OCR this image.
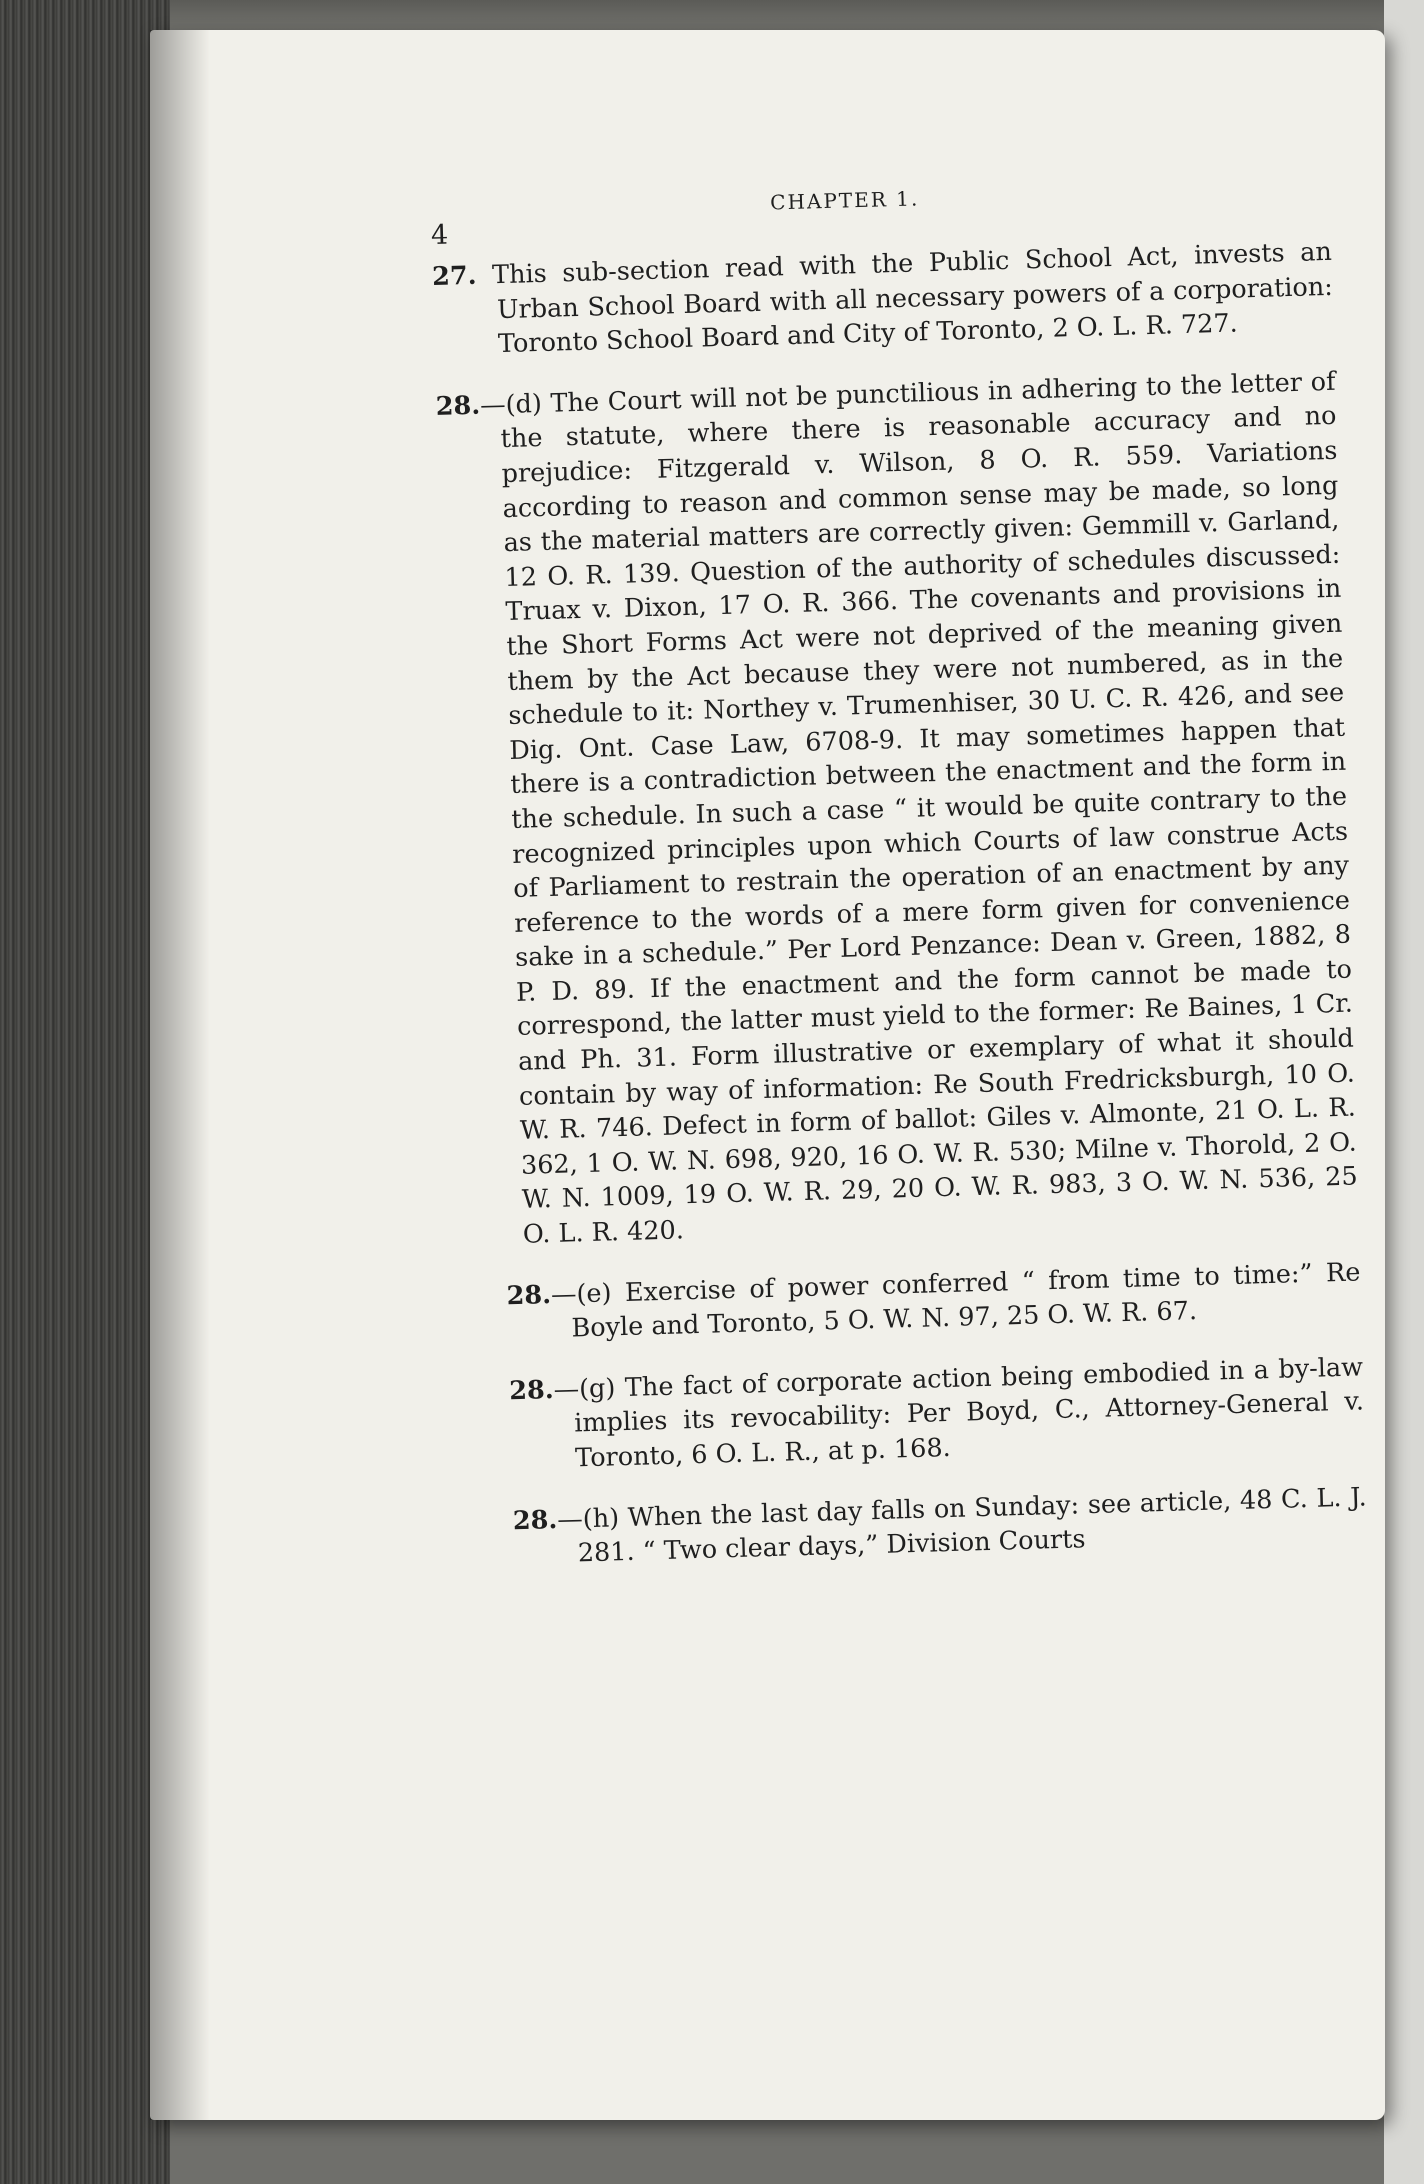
4
CHAPTER 1.

27. This sub-section read with the Public School Act, invests an Urban School Board with all necessary powers of a corporation: Toronto School Board and City of Toronto, 2 O. L. R. 727.

28.—(d) The Court will not be punctilious in adhering to the letter of the statute, where there is reasonable accuracy and no prejudice: Fitzgerald v. Wilson, 8 O. R. 559. Variations according to reason and common sense may be made, so long as the material matters are correctly given: Gemmill v. Garland, 12 O. R. 139. Question of the authority of schedules discussed: Truax v. Dixon, 17 O. R. 366. The covenants and provisions in the Short Forms Act were not deprived of the meaning given them by the Act because they were not numbered, as in the schedule to it: Northey v. Trumenhiser, 30 U. C. R. 426, and see Dig. Ont. Case Law, 6708-9. It may sometimes happen that there is a contradiction between the enactment and the form in the schedule. In such a case “ it would be quite contrary to the recognized principles upon which Courts of law construe Acts of Parliament to restrain the operation of an enactment by any reference to the words of a mere form given for convenience sake in a schedule.” Per Lord Penzance: Dean v. Green, 1882, 8 P. D. 89. If the enactment and the form cannot be made to correspond, the latter must yield to the former: Re Baines, 1 Cr. and Ph. 31. Form illustrative or exemplary of what it should contain by way of information: Re South Fredricksburgh, 10 O. W. R. 746. Defect in form of ballot: Giles v. Almonte, 21 O. L. R. 362, 1 O. W. N. 698, 920, 16 O. W. R. 530; Milne v. Thorold, 2 O. W. N. 1009, 19 O. W. R. 29, 20 O. W. R. 983, 3 O. W. N. 536, 25 O. L. R. 420.

28.—(e) Exercise of power conferred “ from time to time:” Re Boyle and Toronto, 5 O. W. N. 97, 25 O. W. R. 67.

28.—(g) The fact of corporate action being embodied in a by-law implies its revocability: Per Boyd, C., Attorney-General v. Toronto, 6 O. L. R., at p. 168.

28.—(h) When the last day falls on Sunday: see article, 48 C. L. J. 281. “ Two clear days,” Division Courts
